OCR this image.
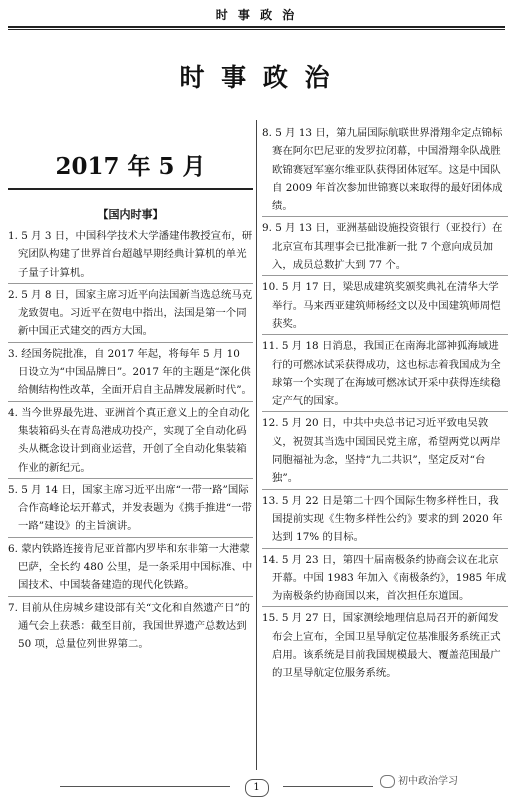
时 事 政 治
时 事 政 治
2017 年 5 月
【国内时事】

1. 5 月 3 日，中国科学技术大学潘建伟教授宣布，研究团队构建了世界首台超越早期经典计算机的单光子量子计算机。

2. 5 月 8 日，国家主席习近平向法国新当选总统马克龙致贺电。习近平在贺电中指出，法国是第一个同新中国正式建交的西方大国。

3. 经国务院批准，自 2017 年起，将每年 5 月 10 日设立为“中国品牌日”。2017 年的主题是“深化供给侧结构性改革，全面开启自主品牌发展新时代”。

4. 当今世界最先进、亚洲首个真正意义上的全自动化集装箱码头在青岛港成功投产，实现了全自动化码头从概念设计到商业运营，开创了全自动化集装箱作业的新纪元。

5. 5 月 14 日，国家主席习近平出席“一带一路”国际合作高峰论坛开幕式，并发表题为《携手推进“一带一路”建设》的主旨演讲。

6. 蒙内铁路连接肯尼亚首都内罗毕和东非第一大港蒙巴萨，全长约 480 公里，是一条采用中国标准、中国技术、中国装备建造的现代化铁路。

7. 目前从住房城乡建设部有关“文化和自然遗产日”的通气会上获悉：截至目前，我国世界遗产总数达到 50 项，总量位列世界第二。

8. 5 月 13 日，第九届国际航联世界滑翔伞定点锦标赛在阿尔巴尼亚的发罗拉闭幕，中国滑翔伞队战胜欧锦赛冠军塞尔维亚队获得团体冠军。这是中国队自 2009 年首次参加世锦赛以来取得的最好团体成绩。

9. 5 月 13 日，亚洲基础设施投资银行（亚投行）在北京宣布其理事会已批准新一批 7 个意向成员加入，成员总数扩大到 77 个。

10. 5 月 17 日，梁思成建筑奖颁奖典礼在清华大学举行。马来西亚建筑师杨经文以及中国建筑师周恺获奖。

11. 5 月 18 日消息，我国正在南海北部神狐海域进行的可燃冰试采获得成功，这也标志着我国成为全球第一个实现了在海域可燃冰试开采中获得连续稳定产气的国家。

12. 5 月 20 日，中共中央总书记习近平致电吴敦义，祝贺其当选中国国民党主席，希望两党以两岸同胞福祉为念，坚持“九二共识”，坚定反对“台独”。

13. 5 月 22 日是第二十四个国际生物多样性日，我国提前实现《生物多样性公约》要求的到 2020 年达到 17% 的目标。

14. 5 月 23 日，第四十届南极条约协商会议在北京开幕。中国 1983 年加入《南极条约》，1985 年成为南极条约协商国以来，首次担任东道国。

15. 5 月 27 日，国家测绘地理信息局召开的新闻发布会上宣布，全国卫星导航定位基准服务系统正式启用。该系统是目前我国规模最大、覆盖范围最广的卫星导航定位服务系统。

1
初中政治学习
